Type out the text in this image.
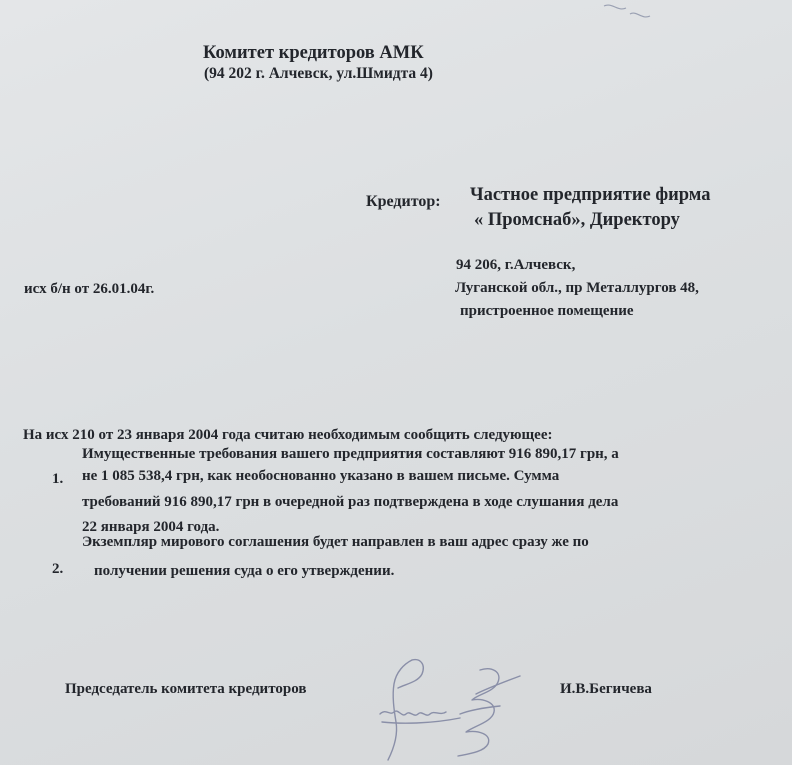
Комитет кредиторов АМК
(94 202 г. Алчевск, ул.Шмидта 4)
Кредитор: Частное предприятие фирма
« Промснаб», Директору
исх б/н от 26.01.04г.
94 206, г.Алчевск,
Луганской обл., пр Металлургов 48,
пристроенное помещение
На исх 210 от 23 января 2004 года считаю необходимым сообщить следующее:
1.
Имущественные требования вашего предприятия составляют 916 890,17 грн, а
не 1 085 538,4 грн, как необоснованно указано в вашем письме. Сумма
требований 916 890,17 грн в очередной раз подтверждена в ходе слушания дела
22 января 2004 года.
2.
Экземпляр мирового соглашения будет направлен в ваш адрес сразу же по
получении решения суда о его утверждении.
Председатель комитета кредиторов	И.В.Бегичева
